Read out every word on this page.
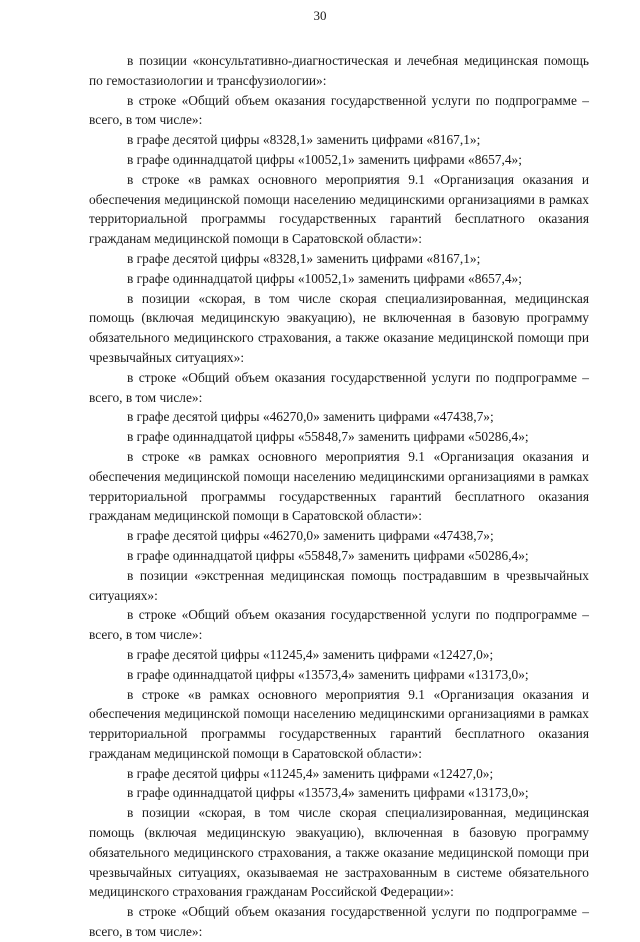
30

в позиции «консультативно-диагностическая и лечебная медицинская помощь по гемостазиологии и трансфузиологии»:

в строке «Общий объем оказания государственной услуги по подпрограмме – всего, в том числе»:

в графе десятой цифры «8328,1» заменить цифрами «8167,1»;

в графе одиннадцатой цифры «10052,1» заменить цифрами «8657,4»;

в строке «в рамках основного мероприятия 9.1 «Организация оказания и обеспечения медицинской помощи населению медицинскими организациями в рамках территориальной программы государственных гарантий бесплатного оказания гражданам медицинской помощи в Саратовской области»:

в графе десятой цифры «8328,1» заменить цифрами «8167,1»;

в графе одиннадцатой цифры «10052,1» заменить цифрами «8657,4»;

в позиции «скорая, в том числе скорая специализированная, медицинская помощь (включая медицинскую эвакуацию), не включенная в базовую программу обязательного медицинского страхования, а также оказание медицинской помощи при чрезвычайных ситуациях»:

в строке «Общий объем оказания государственной услуги по подпрограмме – всего, в том числе»:

в графе десятой цифры «46270,0» заменить цифрами «47438,7»;

в графе одиннадцатой цифры «55848,7» заменить цифрами «50286,4»;

в строке «в рамках основного мероприятия 9.1 «Организация оказания и обеспечения медицинской помощи населению медицинскими организациями в рамках территориальной программы государственных гарантий бесплатного оказания гражданам медицинской помощи в Саратовской области»:

в графе десятой цифры «46270,0» заменить цифрами «47438,7»;

в графе одиннадцатой цифры «55848,7» заменить цифрами «50286,4»;

в позиции «экстренная медицинская помощь пострадавшим в чрезвычайных ситуациях»:

в строке «Общий объем оказания государственной услуги по подпрограмме – всего, в том числе»:

в графе десятой цифры «11245,4» заменить цифрами «12427,0»;

в графе одиннадцатой цифры «13573,4» заменить цифрами «13173,0»;

в строке «в рамках основного мероприятия 9.1 «Организация оказания и обеспечения медицинской помощи населению медицинскими организациями в рамках территориальной программы государственных гарантий бесплатного оказания гражданам медицинской помощи в Саратовской области»:

в графе десятой цифры «11245,4» заменить цифрами «12427,0»;

в графе одиннадцатой цифры «13573,4» заменить цифрами «13173,0»;

в позиции «скорая, в том числе скорая специализированная, медицинская помощь (включая медицинскую эвакуацию), включенная в базовую программу обязательного медицинского страхования, а также оказание медицинской помощи при чрезвычайных ситуациях, оказываемая не застрахованным в системе обязательного медицинского страхования гражданам Российской Федерации»:

в строке «Общий объем оказания государственной услуги по подпрограмме – всего, в том числе»:
